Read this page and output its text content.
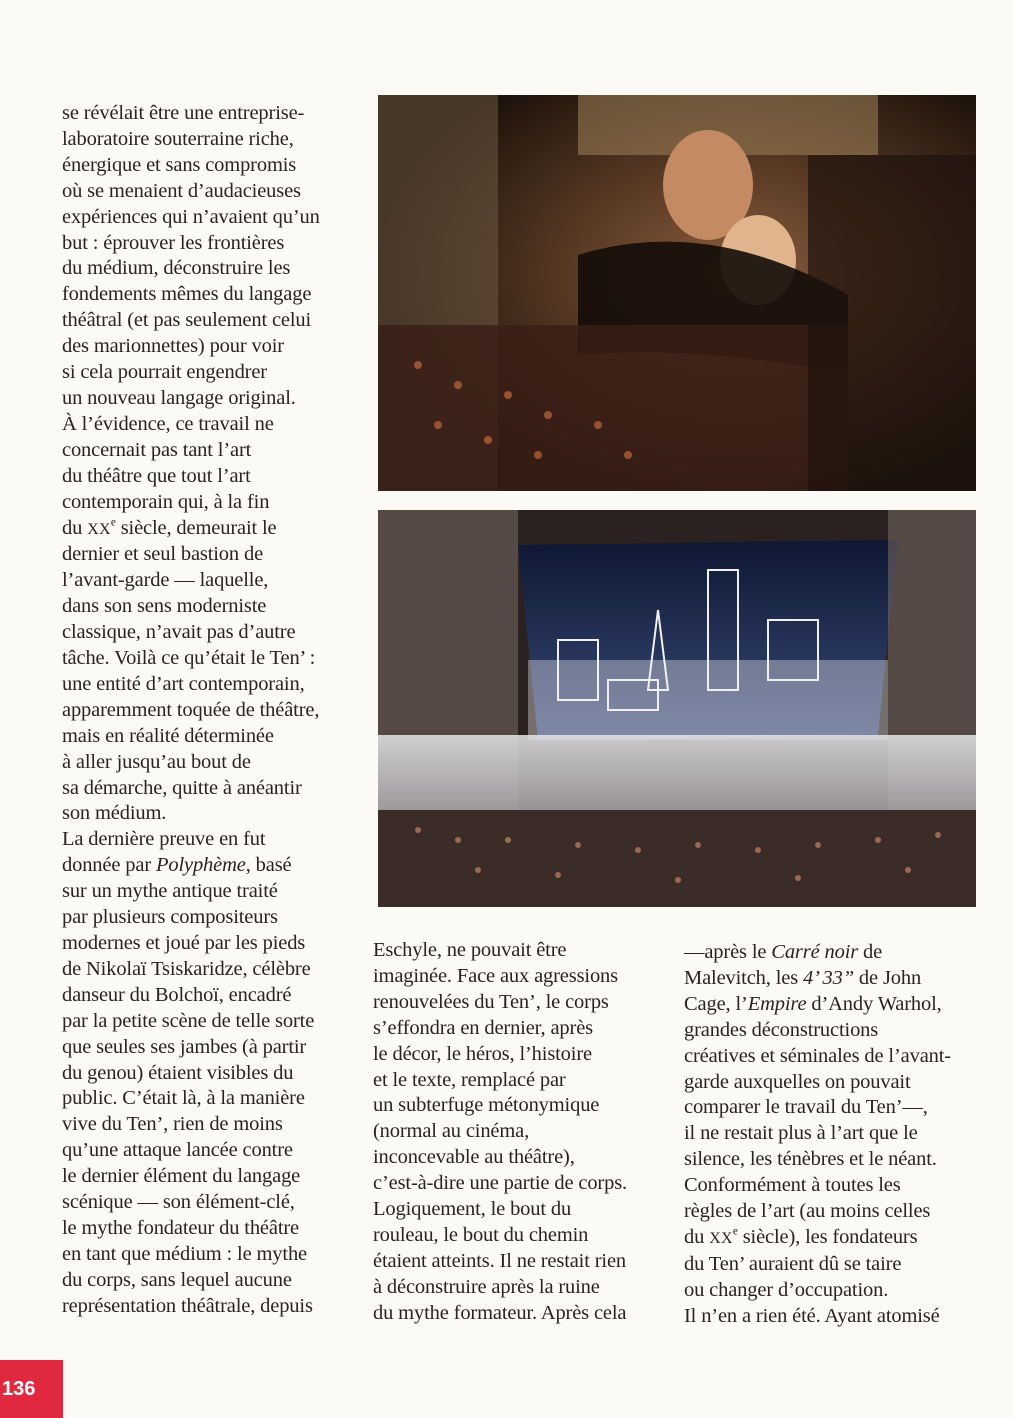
se révélait être une entreprise-
laboratoire souterraine riche,
énergique et sans compromis
où se menaient d’audacieuses
expériences qui n’avaient qu’un
but : éprouver les frontières
du médium, déconstruire les
fondements mêmes du langage
théâtral (et pas seulement celui
des marionnettes) pour voir
si cela pourrait engendrer
un nouveau langage original.
À l’évidence, ce travail ne
concernait pas tant l’art
du théâtre que tout l’art
contemporain qui, à la fin
du XXe siècle, demeurait le
dernier et seul bastion de
l’avant-garde — laquelle,
dans son sens moderniste
classique, n’avait pas d’autre
tâche. Voilà ce qu’était le Ten’ :
une entité d’art contemporain,
apparemment toquée de théâtre,
mais en réalité déterminée
à aller jusqu’au bout de
sa démarche, quitte à anéantir
son médium.
La dernière preuve en fut
donnée par Polyphème, basé
sur un mythe antique traité
par plusieurs compositeurs
modernes et joué par les pieds
de Nikolaï Tsiskaridze, célèbre
danseur du Bolchoï, encadré
par la petite scène de telle sorte
que seules ses jambes (à partir
du genou) étaient visibles du
public. C’était là, à la manière
vive du Ten’, rien de moins
qu’une attaque lancée contre
le dernier élément du langage
scénique — son élément-clé,
le mythe fondateur du théâtre
en tant que médium : le mythe
du corps, sans lequel aucune
représentation théâtrale, depuis
Eschyle, ne pouvait être
imaginée. Face aux agressions
renouvelées du Ten’, le corps
s’effondra en dernier, après
le décor, le héros, l’histoire
et le texte, remplacé par
un subterfuge métonymique
(normal au cinéma,
inconcevable au théâtre),
c’est-à-dire une partie de corps.
Logiquement, le bout du
rouleau, le bout du chemin
étaient atteints. Il ne restait rien
à déconstruire après la ruine
du mythe formateur. Après cela
—après le Carré noir de
Malevitch, les 4’ 33” de John
Cage, l’Empire d’Andy Warhol,
grandes déconstructions
créatives et séminales de l’avant-
garde auxquelles on pouvait
comparer le travail du Ten’—,
il ne restait plus à l’art que le
silence, les ténèbres et le néant.
Conformément à toutes les
règles de l’art (au moins celles
du XXe siècle), les fondateurs
du Ten’ auraient dû se taire
ou changer d’occupation.
Il n’en a rien été. Ayant atomisé
136
